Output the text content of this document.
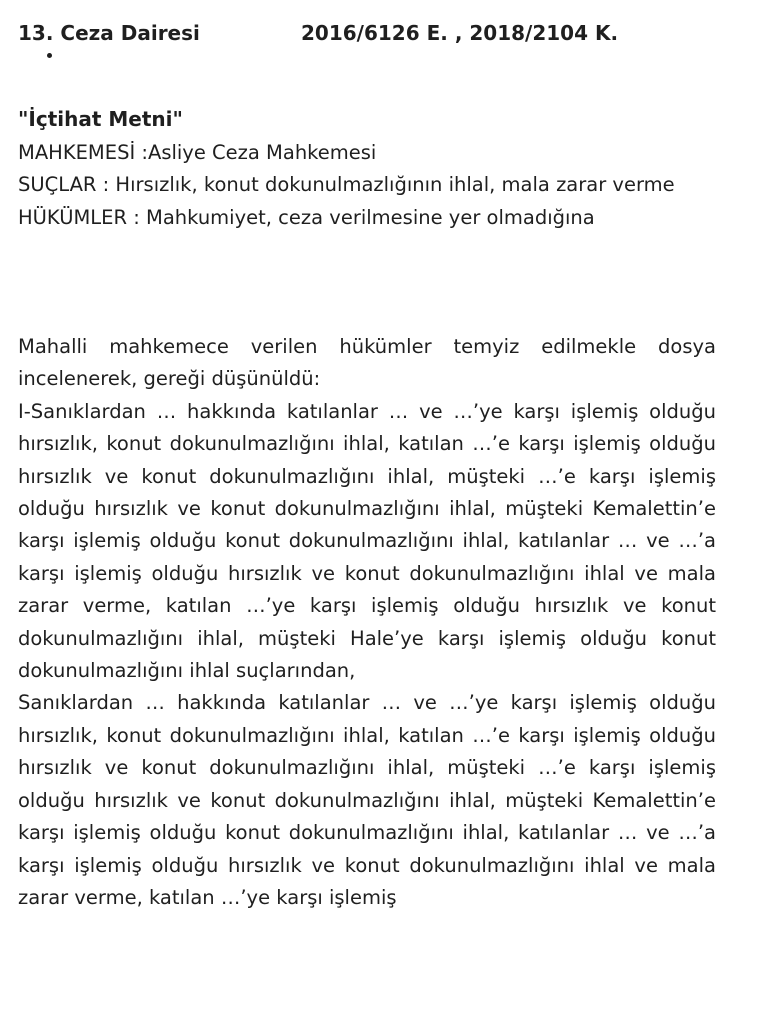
13. Ceza Dairesi	2016/6126 E. , 2018/2104 K.
"İçtihat Metni"

MAHKEMESİ :Asliye Ceza Mahkemesi

SUÇLAR : Hırsızlık, konut dokunulmazlığının ihlal, mala zarar verme

HÜKÜMLER : Mahkumiyet, ceza verilmesine yer olmadığına

Mahalli mahkemece verilen hükümler temyiz edilmekle dosya incelenerek, gereği düşünüldü:

I-Sanıklardan … hakkında katılanlar … ve …’ye karşı işlemiş olduğu hırsızlık, konut dokunulmazlığını ihlal, katılan …’e karşı işlemiş olduğu hırsızlık ve konut dokunulmazlığını ihlal, müşteki …’e karşı işlemiş olduğu hırsızlık ve konut dokunulmazlığını ihlal, müşteki Kemalettin’e karşı işlemiş olduğu konut dokunulmazlığını ihlal, katılanlar … ve …’a karşı işlemiş olduğu hırsızlık ve konut dokunulmazlığını ihlal ve mala zarar verme, katılan …’ye karşı işlemiş olduğu hırsızlık ve konut dokunulmazlığını ihlal, müşteki Hale’ye karşı işlemiş olduğu konut dokunulmazlığını ihlal suçlarından,

Sanıklardan … hakkında katılanlar … ve …’ye karşı işlemiş olduğu hırsızlık, konut dokunulmazlığını ihlal, katılan …’e karşı işlemiş olduğu hırsızlık ve konut dokunulmazlığını ihlal, müşteki …’e karşı işlemiş olduğu hırsızlık ve konut dokunulmazlığını ihlal, müşteki Kemalettin’e karşı işlemiş olduğu konut dokunulmazlığını ihlal, katılanlar … ve …’a karşı işlemiş olduğu hırsızlık ve konut dokunulmazlığını ihlal ve mala zarar verme, katılan …’ye karşı işlemiş
